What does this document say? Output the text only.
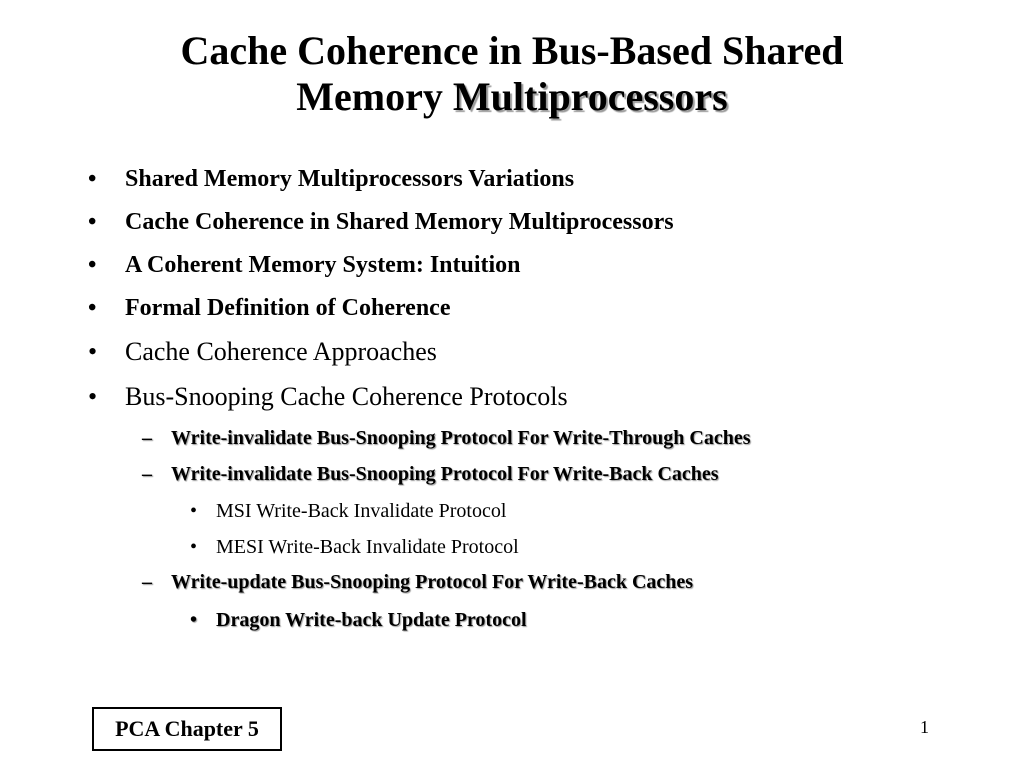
Cache Coherence in Bus-Based Shared
Memory Multiprocessors
• Shared Memory Multiprocessors Variations
• Cache Coherence in Shared Memory Multiprocessors
• A Coherent Memory System: Intuition
• Formal Definition of Coherence
• Cache Coherence Approaches
• Bus-Snooping Cache Coherence Protocols
– Write-invalidate Bus-Snooping Protocol For Write-Through Caches
– Write-invalidate Bus-Snooping Protocol For Write-Back Caches
• MSI Write-Back Invalidate Protocol
• MESI Write-Back Invalidate Protocol
– Write-update Bus-Snooping Protocol For Write-Back Caches
• Dragon Write-back Update Protocol
PCA Chapter 5	1
